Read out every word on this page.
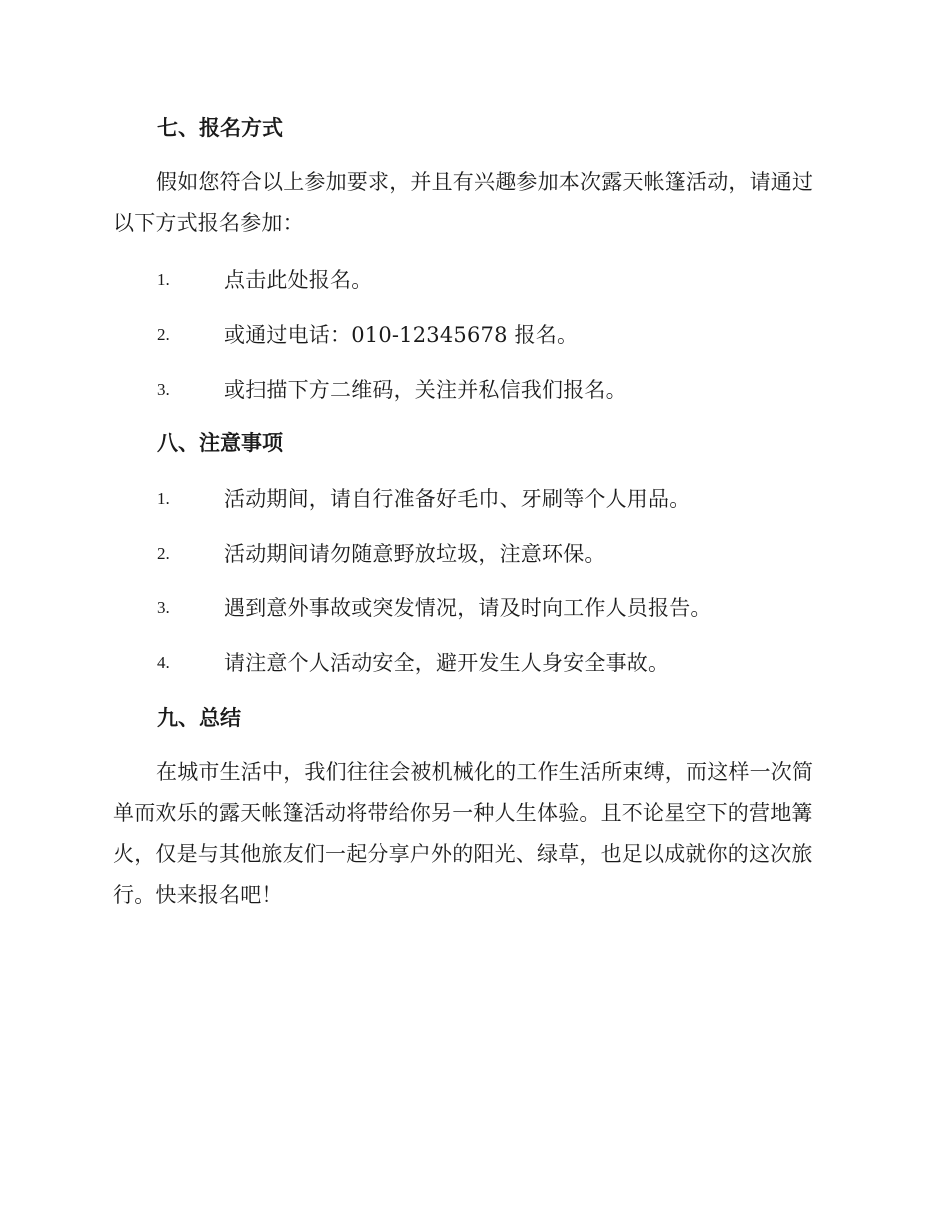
七、报名方式
假如您符合以上参加要求，并且有兴趣参加本次露天帐篷活动，请通过以下方式报名参加：
1.	点击此处报名。
2.	或通过电话：010-12345678 报名。
3.	或扫描下方二维码，关注并私信我们报名。
八、注意事项
1.	活动期间，请自行准备好毛巾、牙刷等个人用品。
2.	活动期间请勿随意野放垃圾，注意环保。
3.	遇到意外事故或突发情况，请及时向工作人员报告。
4.	请注意个人活动安全，避开发生人身安全事故。
九、总结
在城市生活中，我们往往会被机械化的工作生活所束缚，而这样一次简单而欢乐的露天帐篷活动将带给你另一种人生体验。且不论星空下的营地篝火，仅是与其他旅友们一起分享户外的阳光、绿草，也足以成就你的这次旅行。快来报名吧！
